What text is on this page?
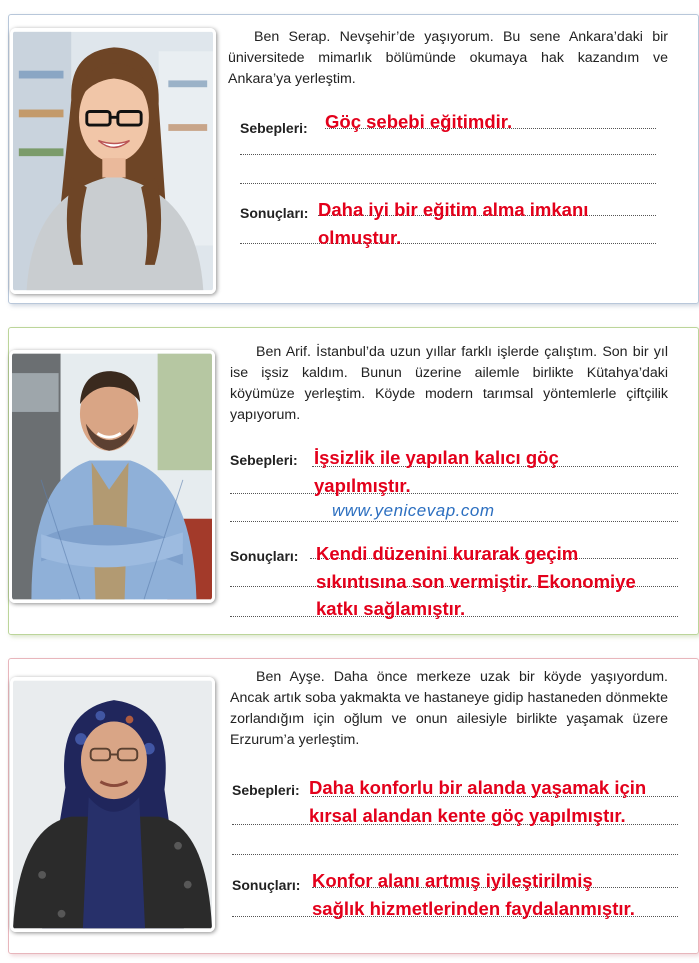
Ben Serap. Nevşehir’de yaşıyorum. Bu sene Ankara’daki bir üniversitede mimarlık bölümünde okumaya hak kazandım ve Ankara’ya yerleştim.

Sebepleri: Göç sebebi eğitimdir.
Sonuçları: Daha iyi bir eğitim alma imkanı
olmuştur.

Ben Arif. İstanbul’da uzun yıllar farklı işlerde çalıştım. Son bir yıl ise işsiz kaldım. Bunun üzerine ailemle birlikte Kütahya’daki köyümüze yerleştim. Köyde modern tarımsal yöntemlerle çiftçilik yapıyorum.

Sebepleri: İşsizlik ile yapılan kalıcı göç
yapılmıştır.
www.yenicevap.com
Sonuçları: Kendi düzenini kurarak geçim
sıkıntısına son vermiştir. Ekonomiye
katkı sağlamıştır.

Ben Ayşe. Daha önce merkeze uzak bir köyde yaşıyordum. Ancak artık soba yakmakta ve hastaneye gidip hastaneden dönmekte zorlandığım için oğlum ve onun ailesiyle birlikte yaşamak üzere Erzurum’a yerleştim.

Sebepleri: Daha konforlu bir alanda yaşamak için
kırsal alandan kente göç yapılmıştır.
Sonuçları: Konfor alanı artmış iyileştirilmiş
sağlık hizmetlerinden faydalanmıştır.
